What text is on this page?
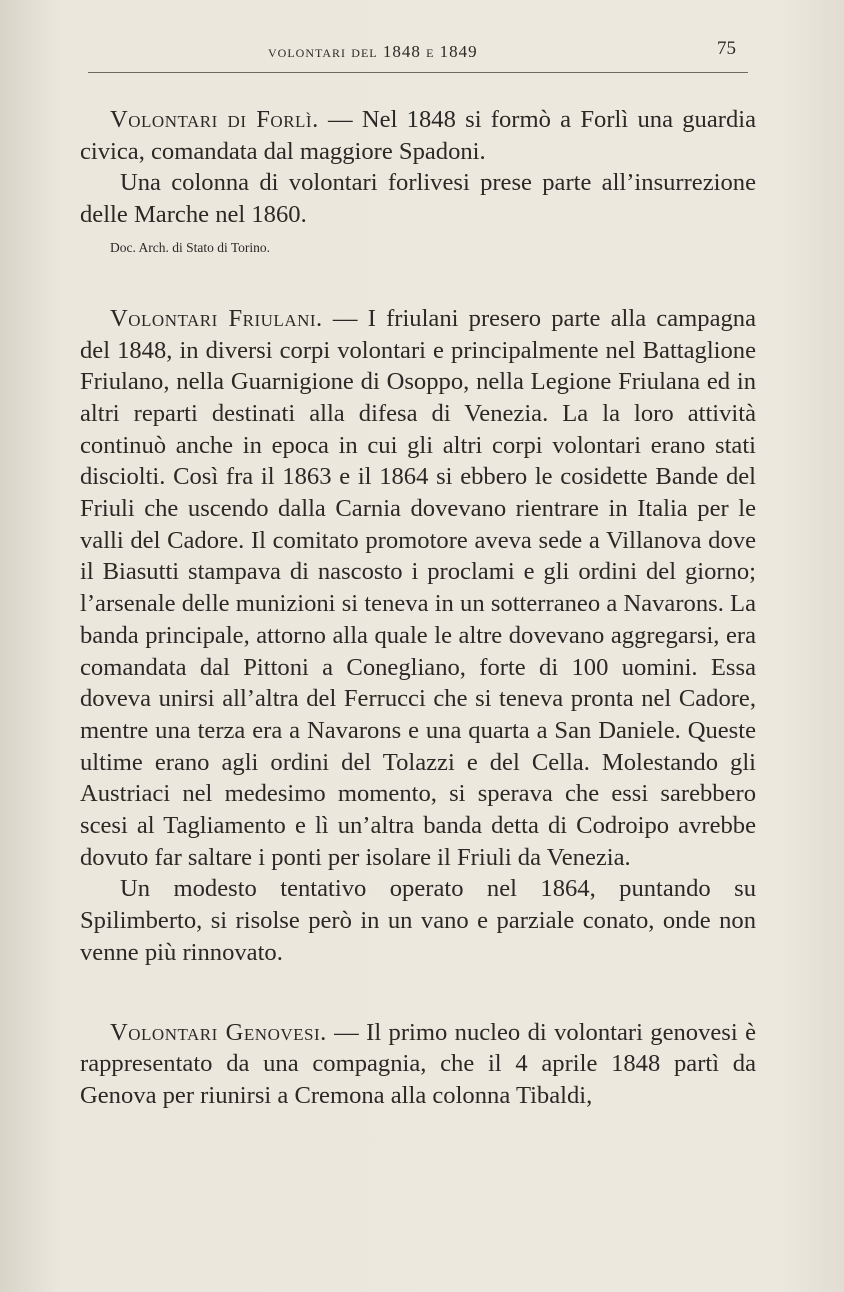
volontari del 1848 e 1849	75

Volontari di Forlì. — Nel 1848 si formò a Forlì una guardia civica, comandata dal maggiore Spadoni.

Una colonna di volontari forlivesi prese parte all’insurrezione delle Marche nel 1860.

Doc. Arch. di Stato di Torino.

Volontari Friulani. — I friulani presero parte alla campagna del 1848, in diversi corpi volontari e principalmente nel Battaglione Friulano, nella Guarnigione di Osoppo, nella Legione Friulana ed in altri reparti destinati alla difesa di Venezia. La la loro attività continuò anche in epoca in cui gli altri corpi volontari erano stati disciolti. Così fra il 1863 e il 1864 si ebbero le cosidette Bande del Friuli che uscendo dalla Carnia dovevano rientrare in Italia per le valli del Cadore. Il comitato promotore aveva sede a Villanova dove il Biasutti stampava di nascosto i proclami e gli ordini del giorno; l’arsenale delle munizioni si teneva in un sotterraneo a Navarons. La banda principale, attorno alla quale le altre dovevano aggregarsi, era comandata dal Pittoni a Conegliano, forte di 100 uomini. Essa doveva unirsi all’altra del Ferrucci che si teneva pronta nel Cadore, mentre una terza era a Navarons e una quarta a San Daniele. Queste ultime erano agli ordini del Tolazzi e del Cella. Molestando gli Austriaci nel medesimo momento, si sperava che essi sarebbero scesi al Tagliamento e lì un’altra banda detta di Codroipo avrebbe dovuto far saltare i ponti per isolare il Friuli da Venezia.

Un modesto tentativo operato nel 1864, puntando su Spilimberto, si risolse però in un vano e parziale conato, onde non venne più rinnovato.

Volontari Genovesi. — Il primo nucleo di volontari genovesi è rappresentato da una compagnia, che il 4 aprile 1848 partì da Genova per riunirsi a Cremona alla colonna Tibaldi,
